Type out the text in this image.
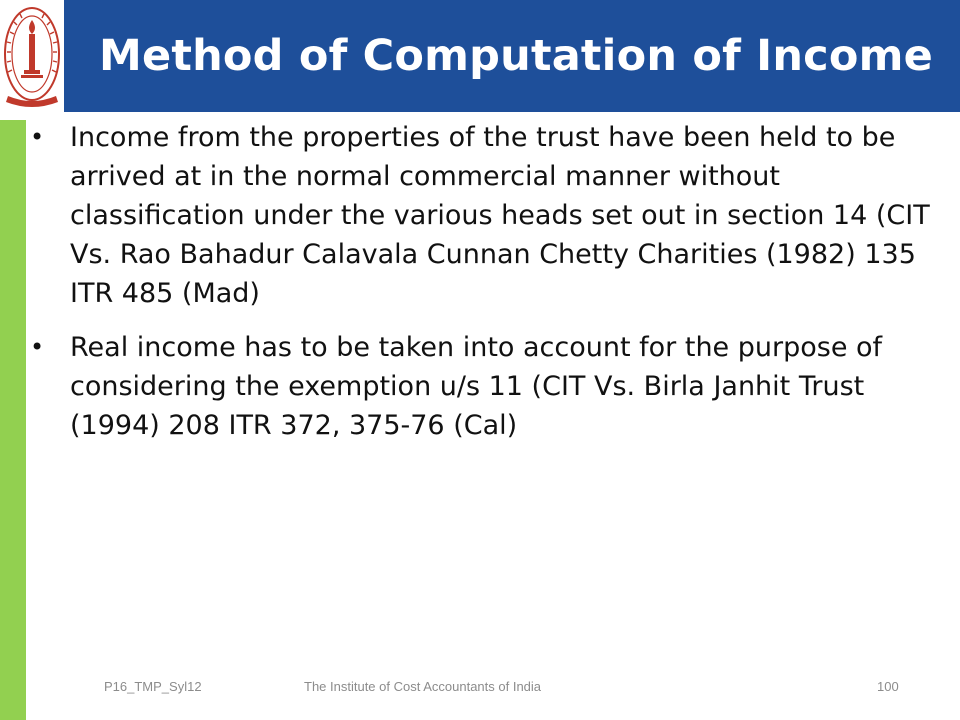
Method of Computation of Income
• Income from the properties of the trust have been held to be arrived at in the normal commercial manner without classification under the various heads set out in section 14 (CIT Vs. Rao Bahadur Calavala Cunnan Chetty Charities (1982) 135 ITR 485 (Mad)
• Real income has to be taken into account for the purpose of considering the exemption u/s 11 (CIT Vs. Birla Janhit Trust (1994) 208 ITR 372, 375-76 (Cal)
P16_TMP_Syl12	The Institute of Cost Accountants of India	100
